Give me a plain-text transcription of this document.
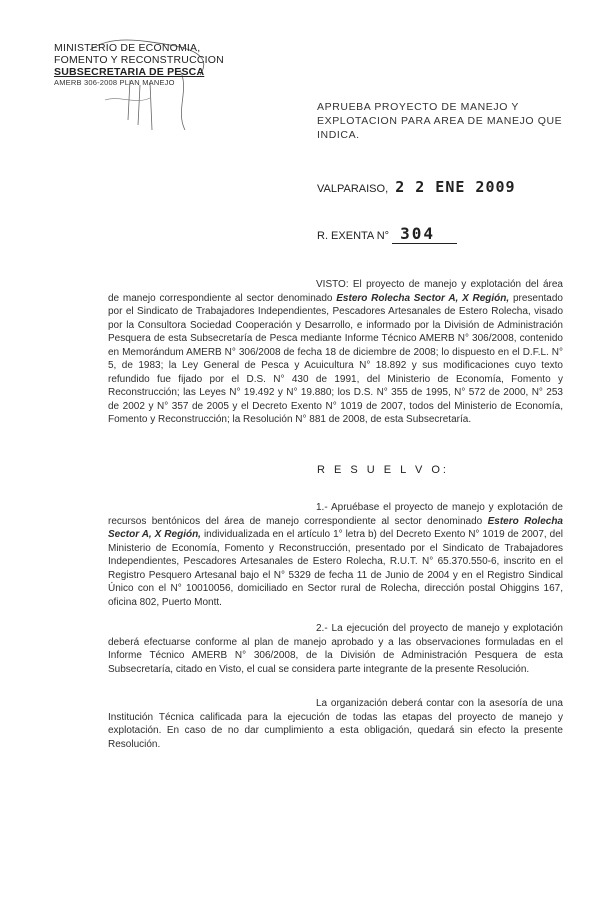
MINISTERIO DE ECONOMIA,
FOMENTO Y RECONSTRUCCION
SUBSECRETARIA DE PESCA
AMERB 306-2008 PLAN MANEJO
APRUEBA PROYECTO DE MANEJO Y EXPLOTACION PARA AREA DE MANEJO QUE INDICA.
VALPARAISO, 2 2 ENE 2009
R. EXENTA N° 304
VISTO: El proyecto de manejo y explotación del área de manejo correspondiente al sector denominado Estero Rolecha Sector A, X Región, presentado por el Sindicato de Trabajadores Independientes, Pescadores Artesanales de Estero Rolecha, visado por la Consultora Sociedad Cooperación y Desarrollo, e informado por la División de Administración Pesquera de esta Subsecretaría de Pesca mediante Informe Técnico AMERB N° 306/2008, contenido en Memorándum AMERB N° 306/2008 de fecha 18 de diciembre de 2008; lo dispuesto en el D.F.L. N° 5, de 1983; la Ley General de Pesca y Acuicultura N° 18.892 y sus modificaciones cuyo texto refundido fue fijado por el D.S. N° 430 de 1991, del Ministerio de Economía, Fomento y Reconstrucción; las Leyes N° 19.492 y N° 19.880; los D.S. N° 355 de 1995, N° 572 de 2000, N° 253 de 2002 y N° 357 de 2005 y el Decreto Exento N° 1019 de 2007, todos del Ministerio de Economía, Fomento y Reconstrucción; la Resolución N° 881 de 2008, de esta Subsecretaría.
R E S U E L V O:
1.- Apruébase el proyecto de manejo y explotación de recursos bentónicos del área de manejo correspondiente al sector denominado Estero Rolecha Sector A, X Región, individualizada en el artículo 1° letra b) del Decreto Exento N° 1019 de 2007, del Ministerio de Economía, Fomento y Reconstrucción, presentado por el Sindicato de Trabajadores Independientes, Pescadores Artesanales de Estero Rolecha, R.U.T. N° 65.370.550-6, inscrito en el Registro Pesquero Artesanal bajo el N° 5329 de fecha 11 de Junio de 2004 y en el Registro Sindical Único con el N° 10010056, domiciliado en Sector rural de Rolecha, dirección postal Ohiggins 167, oficina 802, Puerto Montt.
2.- La ejecución del proyecto de manejo y explotación deberá efectuarse conforme al plan de manejo aprobado y a las observaciones formuladas en el Informe Técnico AMERB N° 306/2008, de la División de Administración Pesquera de esta Subsecretaría, citado en Visto, el cual se considera parte integrante de la presente Resolución.
La organización deberá contar con la asesoría de una Institución Técnica calificada para la ejecución de todas las etapas del proyecto de manejo y explotación. En caso de no dar cumplimiento a esta obligación, quedará sin efecto la presente Resolución.
